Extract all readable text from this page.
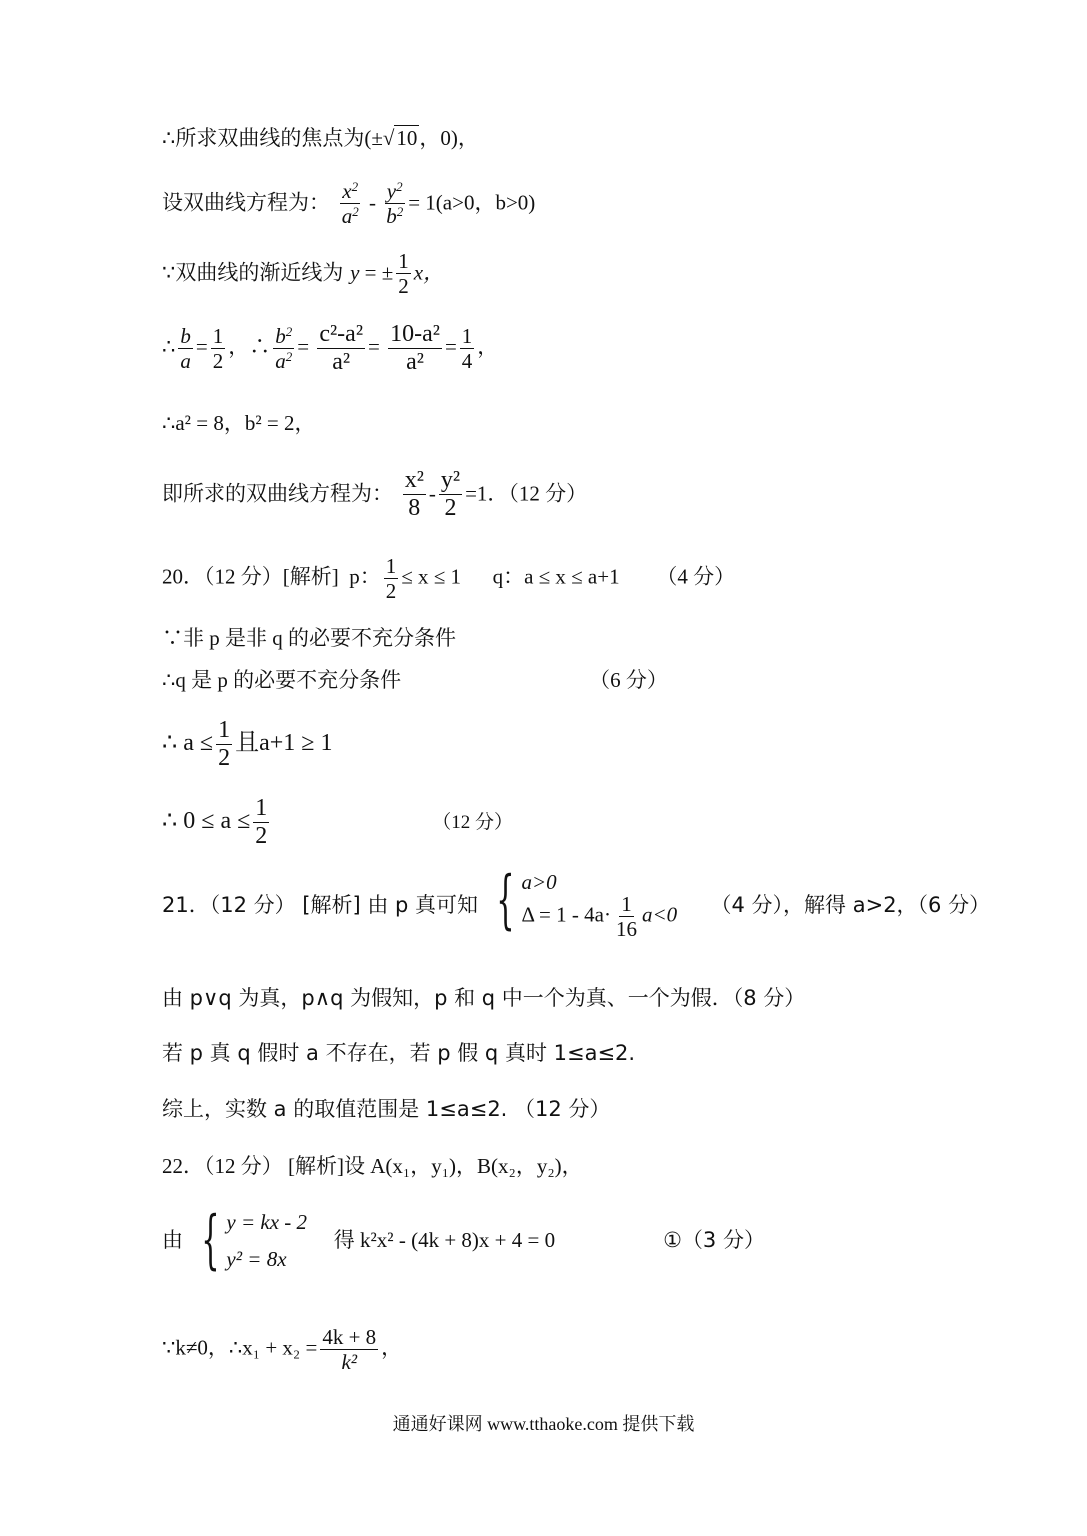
∴所求双曲线的焦点为(±√10，0)，
设双曲线方程为： $\frac{x^2}{a^2} - \frac{y^2}{b^2} = 1(a>0$，b>0)
∵双曲线的渐近线为 y = ± $\frac{1}{2}$ x，
∴ $\frac{b}{a} = \frac{1}{2}$ ，∴ $\frac{b^2}{a^2} = \frac{\text{c²-a²}}{\text{a²}} = \frac{\text{10-a²}}{\text{a²}} = \frac{1}{4}$ ，
∴a² = 8，b² = 2，
即所求的双曲线方程为： $\frac{\text{x²}}{8} - \frac{\text{y²}}{2} =1$．（12 分）
20．（12 分）[解析] p： $\frac{1}{2} \le x \le 1$ q：a ≤ x ≤ a+1 （4 分）
∵非 p 是非 q 的必要不充分条件
∴q 是 p 的必要不充分条件	（6 分）
∴ $a \le \frac{1}{2}$ 且a+1 ≥ 1
∴ $0 \le a \le \frac{1}{2}$	（12 分）
21．（12 分） [解析] 由 p 真可知 { a>0
$\Delta = 1 - 4a\cdot \frac{1}{16} a<0$ （4 分），解得 a>2，（6 分）
由 p∨q 为真，p∧q 为假知，p 和 q 中一个为真、一个为假．（8 分）
若 p 真 q 假时 a 不存在，若 p 假 q 真时 1≤a≤2.
综上，实数 a 的取值范围是 1≤a≤2. （12 分）
22．（12 分） [解析]设 A(x₁，y₁)，B(x₂，y₂)，
由 { y = kx - 2
y² = 8x
得 k²x² - (4k + 8)x + 4 = 0	①（3 分）
∵k≠0，∴x₁ + $x_2 = \frac{4k + 8}{\text{k²}}$ ，
通通好课网 www.tthaoke.com 提供下载
